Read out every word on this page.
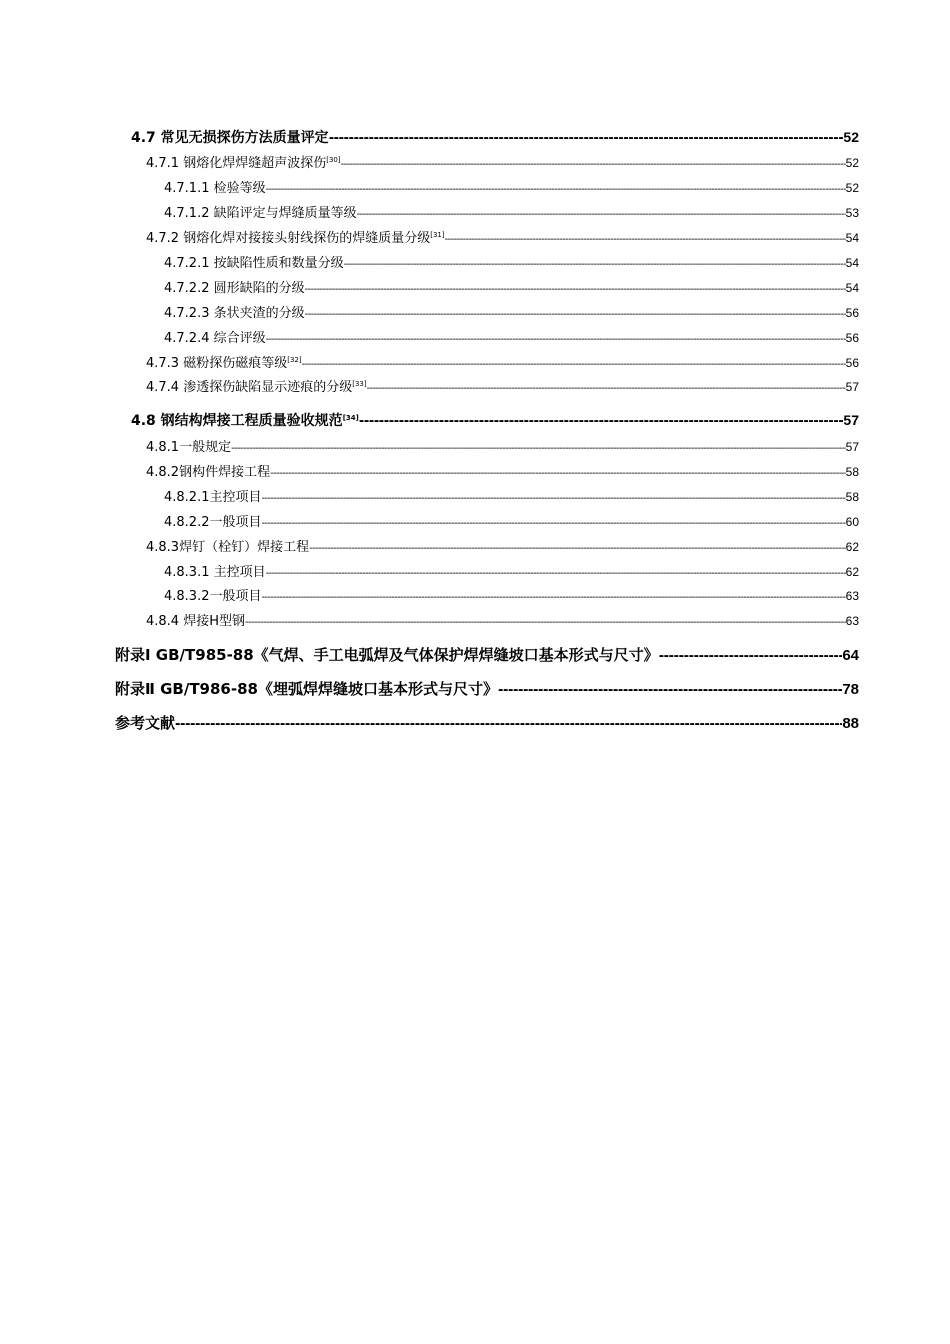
4.7 常见无损探伤方法质量评定 -----	52
4.7.1 钢熔化焊焊缝超声波探伤[30] -----	52
4.7.1.1 检验等级 -----	52
4.7.1.2 缺陷评定与焊缝质量等级 -----	53
4.7.2 钢熔化焊对接接头射线探伤的焊缝质量分级[31] -----	54
4.7.2.1 按缺陷性质和数量分级 -----	54
4.7.2.2 圆形缺陷的分级 -----	54
4.7.2.3 条状夹渣的分级 -----	56
4.7.2.4 综合评级 -----	56
4.7.3 磁粉探伤磁痕等级[32] -----	56
4.7.4 渗透探伤缺陷显示迹痕的分级[33] -----	57
4.8 钢结构焊接工程质量验收规范[34] -----	57
4.8.1一般规定 -----	57
4.8.2钢构件焊接工程 -----	58
4.8.2.1主控项目 -----	58
4.8.2.2一般项目 -----	60
4.8.3焊钉（栓钉）焊接工程 -----	62
4.8.3.1 主控项目 -----	62
4.8.3.2一般项目 -----	63
4.8.4 焊接H型钢 -----	63
附录Ⅰ GB/T985-88《气焊、手工电弧焊及气体保护焊焊缝坡口基本形式与尺寸》 -----	64
附录Ⅱ GB/T986-88《埋弧焊焊缝坡口基本形式与尺寸》 -----	78
参考文献 -----	88
